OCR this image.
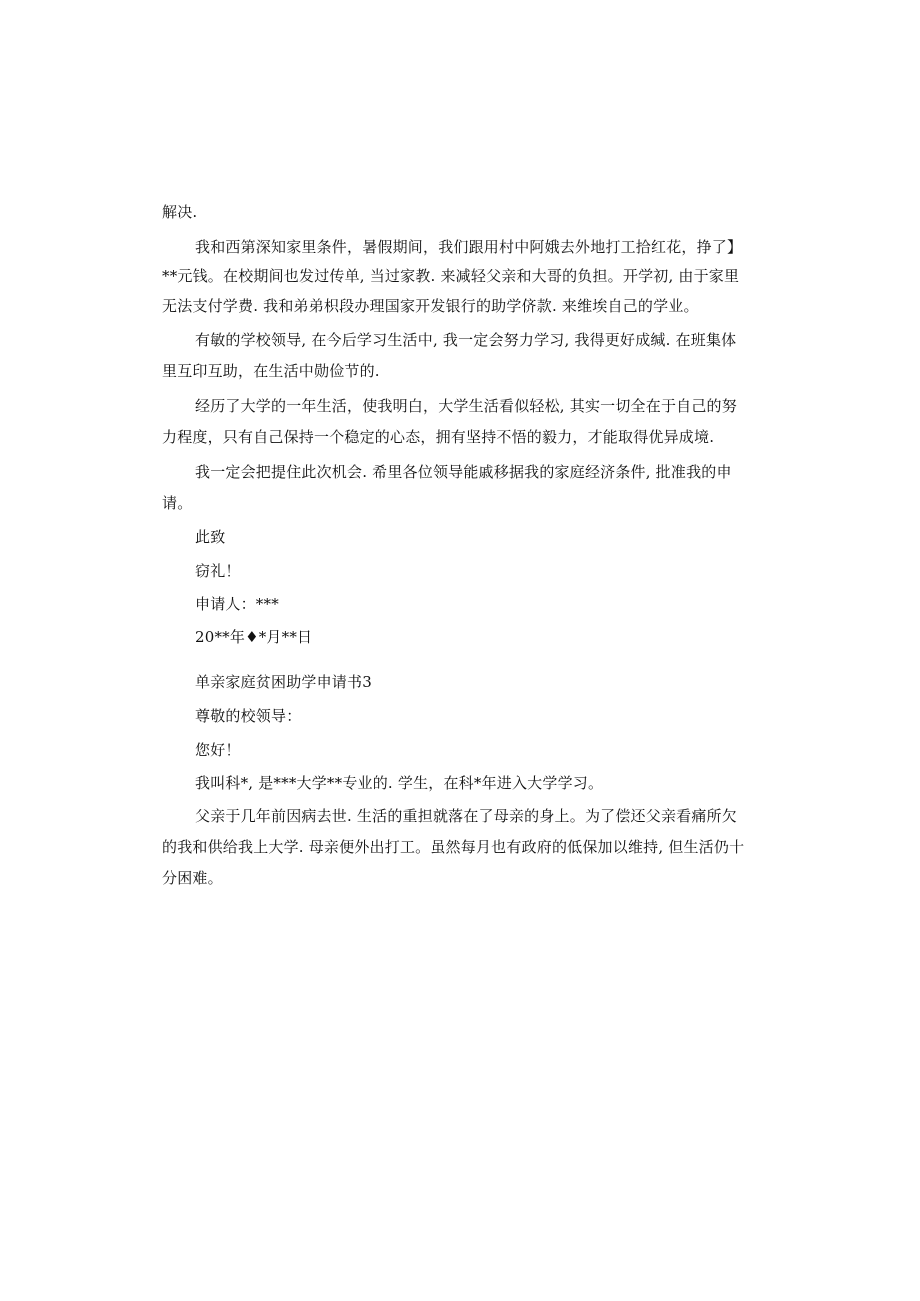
解决.
我和西第深知家里条件，暑假期间，我们跟用村中阿娥去外地打工拾红花，挣了】
**元钱。在校期间也发过传单, 当过家教. 来减轻父亲和大哥的负担。开学初, 由于家里
无法支付学费. 我和弟弟枳段办理国家开发银行的助学侪款. 来维埃自己的学业。
有敏的学校领导, 在今后学习生活中, 我一定会努力学习, 我得更好成缄. 在班集体
里互印互助，在生活中勋俭节的.
经历了大学的一年生活，使我明白，大学生活看似轻松, 其实一切全在于自己的努
力程度，只有自己保持一个稳定的心态，拥有坚持不悟的毅力，才能取得优异成境.
我一定会把提住此次机会. 希里各位领导能戚移据我的家庭经济条件, 批准我的申
请。
此致
窃礼！
申请人：***
20**年♦*月**日
单亲家庭贫困助学申请书3
尊敬的校领导：
您好！
我叫科*, 是***大学**专业的. 学生，在科*年进入大学学习。
父亲于几年前因病去世. 生活的重担就落在了母亲的身上。为了偿还父亲看痛所欠
的我和供给我上大学. 母亲便外出打工。虽然每月也有政府的低保加以维持, 但生活仍十
分困难。
